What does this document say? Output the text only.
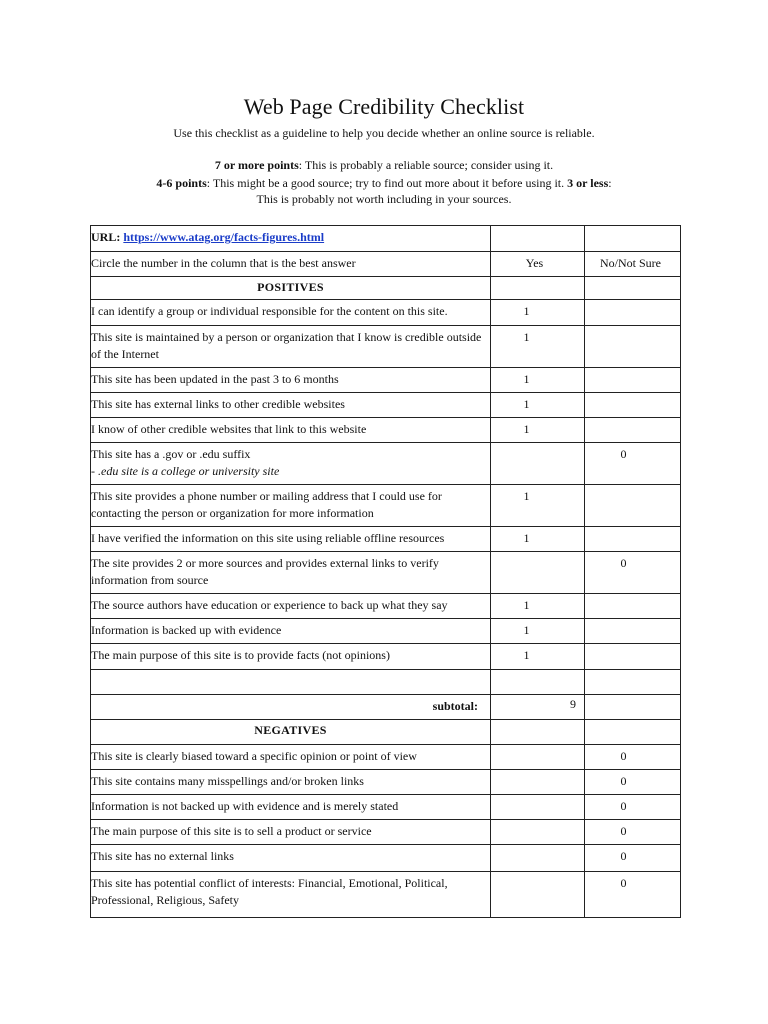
Web Page Credibility Checklist
Use this checklist as a guideline to help you decide whether an online source is reliable.
7 or more points: This is probably a reliable source; consider using it.
4-6 points: This might be a good source; try to find out more about it before using it. 3 or less:
This is probably not worth including in your sources.
URL: https://www.atag.org/facts-figures.html		

Circle the number in the column that is the best answer	Yes	No/Not Sure

POSITIVES		

I can identify a group or individual responsible for the content on this site.	1	

This site is maintained by a person or organization that I know is credible outside of the Internet	1	

This site has been updated in the past 3 to 6 months	1	

This site has external links to other credible websites	1	

I know of other credible websites that link to this website	1	

This site has a .gov or .edu suffix
- .edu site is a college or university site		0

This site provides a phone number or mailing address that I could use for contacting the person or organization for more information	1	

I have verified the information on this site using reliable offline resources	1	

The site provides 2 or more sources and provides external links to verify information from source		0

The source authors have education or experience to back up what they say	1	

Information is backed up with evidence	1	

The main purpose of this site is to provide facts (not opinions)	1	

subtotal:	9	

NEGATIVES		

This site is clearly biased toward a specific opinion or point of view		0

This site contains many misspellings and/or broken links		0

Information is not backed up with evidence and is merely stated		0

The main purpose of this site is to sell a product or service		0

This site has no external links		0

This site has potential conflict of interests: Financial, Emotional, Political, Professional, Religious, Safety		0
